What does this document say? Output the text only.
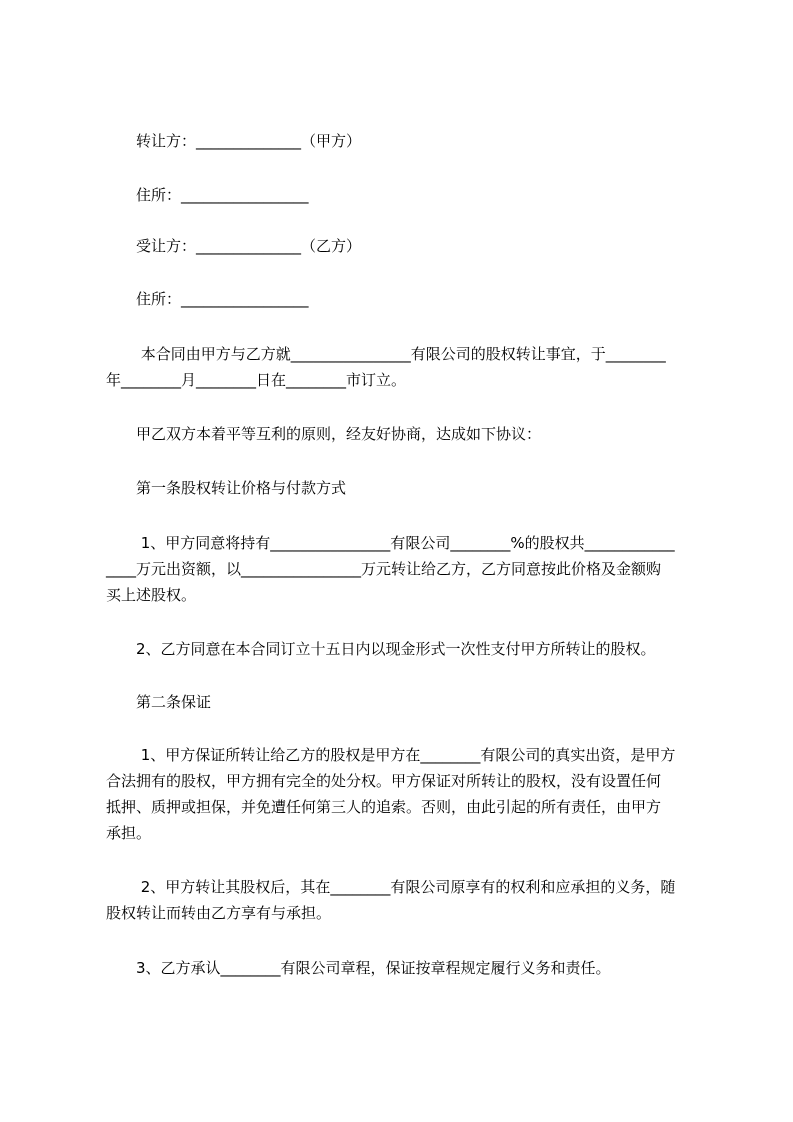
转让方：______________（甲方）

住所：_________________

受让方：______________（乙方）

住所：_________________

本合同由甲方与乙方就________________有限公司的股权转让事宜，于________

年________月________日在________市订立。

甲乙双方本着平等互利的原则，经友好协商，达成如下协议：

第一条股权转让价格与付款方式

1、甲方同意将持有________________有限公司________%的股权共____________

____万元出资额，以________________万元转让给乙方，乙方同意按此价格及金额购

买上述股权。

2、乙方同意在本合同订立十五日内以现金形式一次性支付甲方所转让的股权。

第二条保证

1、甲方保证所转让给乙方的股权是甲方在________有限公司的真实出资，是甲方

合法拥有的股权，甲方拥有完全的处分权。甲方保证对所转让的股权，没有设置任何

抵押、质押或担保，并免遭任何第三人的追索。否则，由此引起的所有责任，由甲方

承担。

2、甲方转让其股权后，其在________有限公司原享有的权利和应承担的义务，随

股权转让而转由乙方享有与承担。

3、乙方承认________有限公司章程，保证按章程规定履行义务和责任。
